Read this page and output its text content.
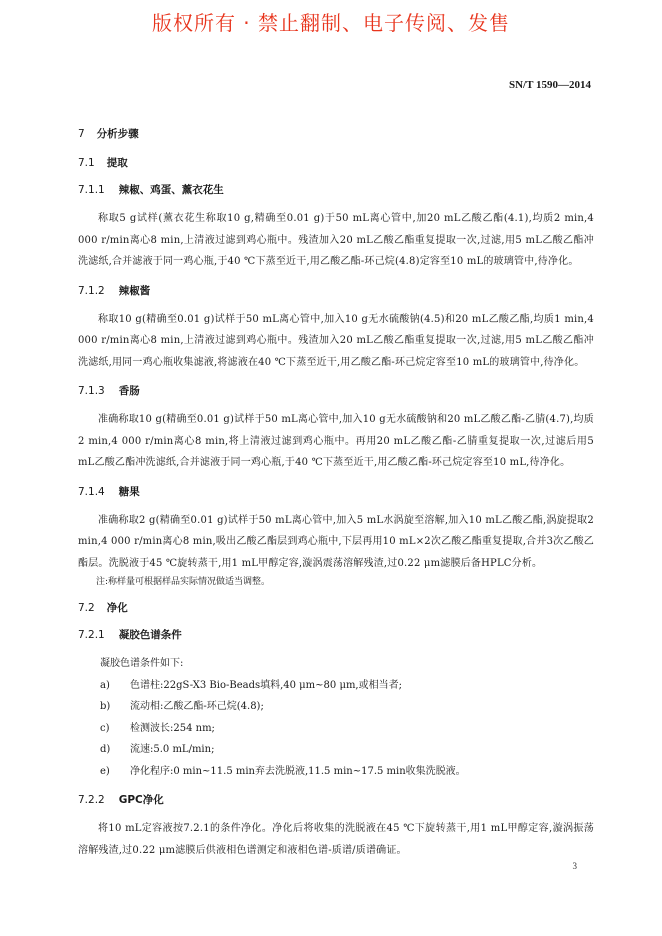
版权所有 · 禁止翻制、电子传阅、发售
SN/T 1590—2014
7 分析步骤
7.1 提取
7.1.1 辣椒、鸡蛋、薰衣花生

称取5 g试样(薰衣花生称取10 g,精确至0.01 g)于50 mL离心管中,加20 mL乙酸乙酯(4.1),均质2 min,4 000 r/min离心8 min,上清液过滤到鸡心瓶中。残渣加入20 mL乙酸乙酯重复提取一次,过滤,用5 mL乙酸乙酯冲洗滤纸,合并滤液于同一鸡心瓶,于40 ℃下蒸至近干,用乙酸乙酯-环己烷(4.8)定容至10 mL的玻璃管中,待净化。

7.1.2 辣椒酱

称取10 g(精确至0.01 g)试样于50 mL离心管中,加入10 g无水硫酸钠(4.5)和20 mL乙酸乙酯,均质1 min,4 000 r/min离心8 min,上清液过滤到鸡心瓶中。残渣加入20 mL乙酸乙酯重复提取一次,过滤,用5 mL乙酸乙酯冲洗滤纸,用同一鸡心瓶收集滤液,将滤液在40 ℃下蒸至近干,用乙酸乙酯-环己烷定容至10 mL的玻璃管中,待净化。

7.1.3 香肠

准确称取10 g(精确至0.01 g)试样于50 mL离心管中,加入10 g无水硫酸钠和20 mL乙酸乙酯-乙腈(4.7),均质2 min,4 000 r/min离心8 min,将上清液过滤到鸡心瓶中。再用20 mL乙酸乙酯-乙腈重复提取一次,过滤后用5 mL乙酸乙酯冲洗滤纸,合并滤液于同一鸡心瓶,于40 ℃下蒸至近干,用乙酸乙酯-环己烷定容至10 mL,待净化。

7.1.4 糖果

准确称取2 g(精确至0.01 g)试样于50 mL离心管中,加入5 mL水涡旋至溶解,加入10 mL乙酸乙酯,涡旋提取2 min,4 000 r/min离心8 min,吸出乙酸乙酯层到鸡心瓶中,下层再用10 mL×2次乙酸乙酯重复提取,合并3次乙酸乙酯层。洗脱液于45 ℃旋转蒸干,用1 mL甲醇定容,漩涡震荡溶解残渣,过0.22 μm滤膜后备HPLC分析。

注:称样量可根据样品实际情况做适当调整。
7.2 净化
7.2.1 凝胶色谱条件
凝胶色谱条件如下:
a) 色谱柱:22gS-X3 Bio-Beads填料,40 μm~80 μm,或相当者;
b) 流动相:乙酸乙酯-环己烷(4.8);
c) 检测波长:254 nm;
d) 流速:5.0 mL/min;
e) 净化程序:0 min~11.5 min弃去洗脱液,11.5 min~17.5 min收集洗脱液。
7.2.2 GPC净化

将10 mL定容液按7.2.1的条件净化。净化后将收集的洗脱液在45 ℃下旋转蒸干,用1 mL甲醇定容,漩涡振荡溶解残渣,过0.22 μm滤膜后供液相色谱测定和液相色谱-质谱/质谱确证。

3
